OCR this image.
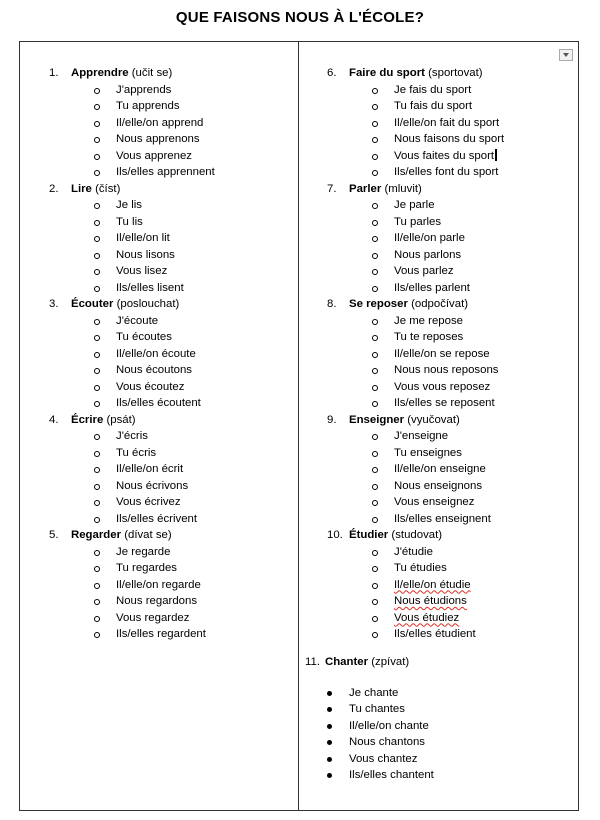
QUE FAISONS NOUS À L'ÉCOLE?
1. Apprendre (učit se)
J'apprends
Tu apprends
Il/elle/on apprend
Nous apprenons
Vous apprenez
Ils/elles apprennent
2. Lire (číst)
Je lis
Tu lis
Il/elle/on lit
Nous lisons
Vous lisez
Ils/elles lisent
3. Écouter (poslouchat)
J'écoute
Tu écoutes
Il/elle/on écoute
Nous écoutons
Vous écoutez
Ils/elles écoutent
4. Écrire (psát)
J'écris
Tu écris
Il/elle/on écrit
Nous écrivons
Vous écrivez
Ils/elles écrivent
5. Regarder (dívat se)
Je regarde
Tu regardes
Il/elle/on regarde
Nous regardons
Vous regardez
Ils/elles regardent
6. Faire du sport (sportovat)
Je fais du sport
Tu fais du sport
Il/elle/on fait du sport
Nous faisons du sport
Vous faites du sport
Ils/elles font du sport
7. Parler (mluvit)
Je parle
Tu parles
Il/elle/on parle
Nous parlons
Vous parlez
Ils/elles parlent
8. Se reposer (odpočívat)
Je me repose
Tu te reposes
Il/elle/on se repose
Nous nous reposons
Vous vous reposez
Ils/elles se reposent
9. Enseigner (vyučovat)
J'enseigne
Tu enseignes
Il/elle/on enseigne
Nous enseignons
Vous enseignez
Ils/elles enseignent
10. Étudier (studovat)
J'étudie
Tu étudies
Il/elle/on étudie
Nous étudions
Vous étudiez
Ils/elles étudient
11. Chanter (zpívat)
Je chante
Tu chantes
Il/elle/on chante
Nous chantons
Vous chantez
Ils/elles chantent
